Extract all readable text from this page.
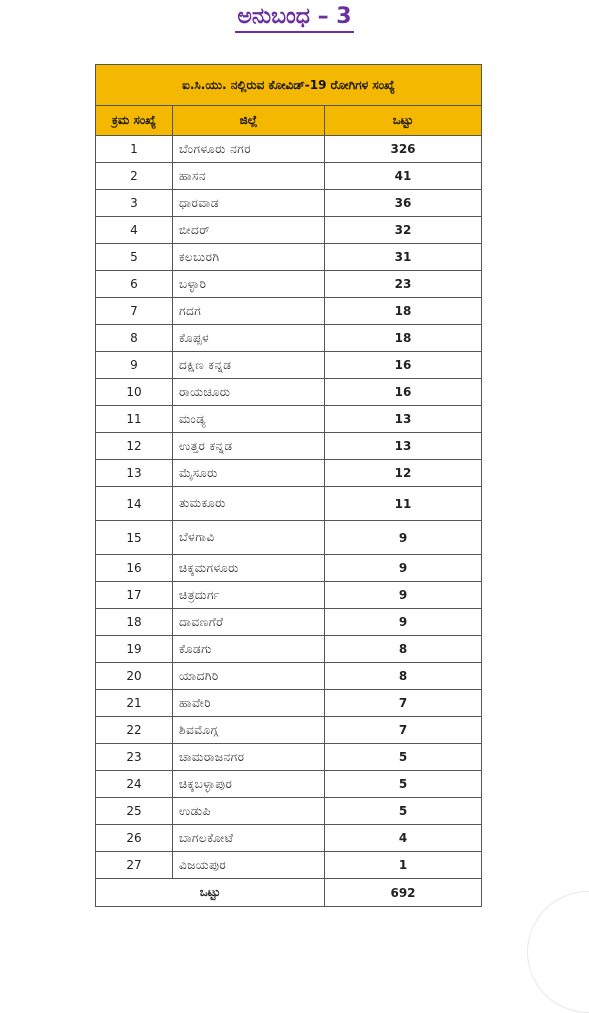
ಅನುಬಂಧ – 3
ಐ.ಸಿ.ಯು. ನಲ್ಲಿರುವ ಕೋವಿಡ್-19 ರೋಗಿಗಳ ಸಂಖ್ಯೆ		
ಕ್ರಮ ಸಂಖ್ಯೆ	ಜಿಲ್ಲೆ	ಒಟ್ಟು
1	ಬೆಂಗಳೂರು ನಗರ	326
2	ಹಾಸನ	41
3	ಧಾರವಾಡ	36
4	ಬೀದರ್	32
5	ಕಲಬುರಗಿ	31
6	ಬಳ್ಳಾರಿ	23
7	ಗದಗ	18
8	ಕೊಪ್ಪಳ	18
9	ದಕ್ಷಿಣ ಕನ್ನಡ	16
10	ರಾಯಚೂರು	16
11	ಮಂಡ್ಯ	13
12	ಉತ್ತರ ಕನ್ನಡ	13
13	ಮೈಸೂರು	12
14	ತುಮಕೂರು	11
15	ಬೆಳಗಾವಿ	9
16	ಚಿಕ್ಕಮಗಳೂರು	9
17	ಚಿತ್ರದುರ್ಗ	9
18	ದಾವಣಗೆರೆ	9
19	ಕೊಡಗು	8
20	ಯಾದಗಿರಿ	8
21	ಹಾವೇರಿ	7
22	ಶಿವಮೊಗ್ಗ	7
23	ಚಾಮರಾಜನಗರ	5
24	ಚಿಕ್ಕಬಳ್ಳಾಪುರ	5
25	ಉಡುಪಿ	5
26	ಬಾಗಲಕೋಟೆ	4
27	ವಿಜಯಪುರ	1
ಒಟ್ಟು		692
